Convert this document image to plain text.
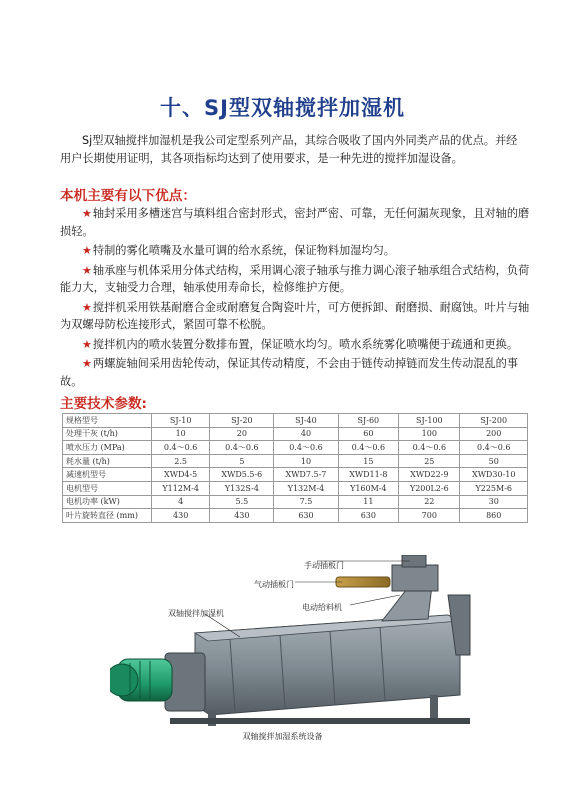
十、SJ型双轴搅拌加湿机

Sj型双轴搅拌加湿机是我公司定型系列产品，其综合吸收了国内外同类产品的优点。并经用户长期使用证明，其各项指标均达到了使用要求，是一种先进的搅拌加湿设备。

本机主要有以下优点：
★轴封采用多槽迷宫与填料组合密封形式，密封严密、可靠，无任何漏灰现象，且对轴的磨损轻。
★特制的雾化喷嘴及水量可调的给水系统，保证物料加湿均匀。
★轴承座与机体采用分体式结构，采用调心滚子轴承与推力调心滚子轴承组合式结构，负荷能力大，支轴受力合理，轴承使用寿命长，检修维护方便。
★搅拌机采用铁基耐磨合金或耐磨复合陶瓷叶片，可方便拆卸、耐磨损、耐腐蚀。叶片与轴为双螺母防松连接形式，紧固可靠不松脱。
★搅拌机内的喷水装置分数排布置，保证喷水均匀。喷水系统雾化喷嘴便于疏通和更换。
★两螺旋轴间采用齿轮传动，保证其传动精度，不会由于链传动掉链而发生传动混乱的事故。
主要技术参数:
规格型号	SJ-10	SJ-20	SJ-40	SJ-60	SJ-100	SJ-200
处理干灰 (t/h)	10	20	40	60	100	200
喷水压力 (MPa)	0.4～0.6	0.4～0.6	0.4～0.6	0.4～0.6	0.4～0.6	0.4～0.6
耗水量 (t/h)	2.5	5	10	15	25	50
减速机型号	XWD4-5	XWD5.5-6	XWD7.5-7	XWD11-8	XWD22-9	XWD30-10
电机型号	Y112M-4	Y132S-4	Y132M-4	Y160M-4	Y200L2-6	Y225M-6
电机功率 (kW)	4	5.5	7.5	11	22	30
叶片旋转直径 (mm)	430	430	630	630	700	860
手动插板门
气动插板门
电动给料机
双轴搅拌加湿机
双轴搅拌加湿系统设备
